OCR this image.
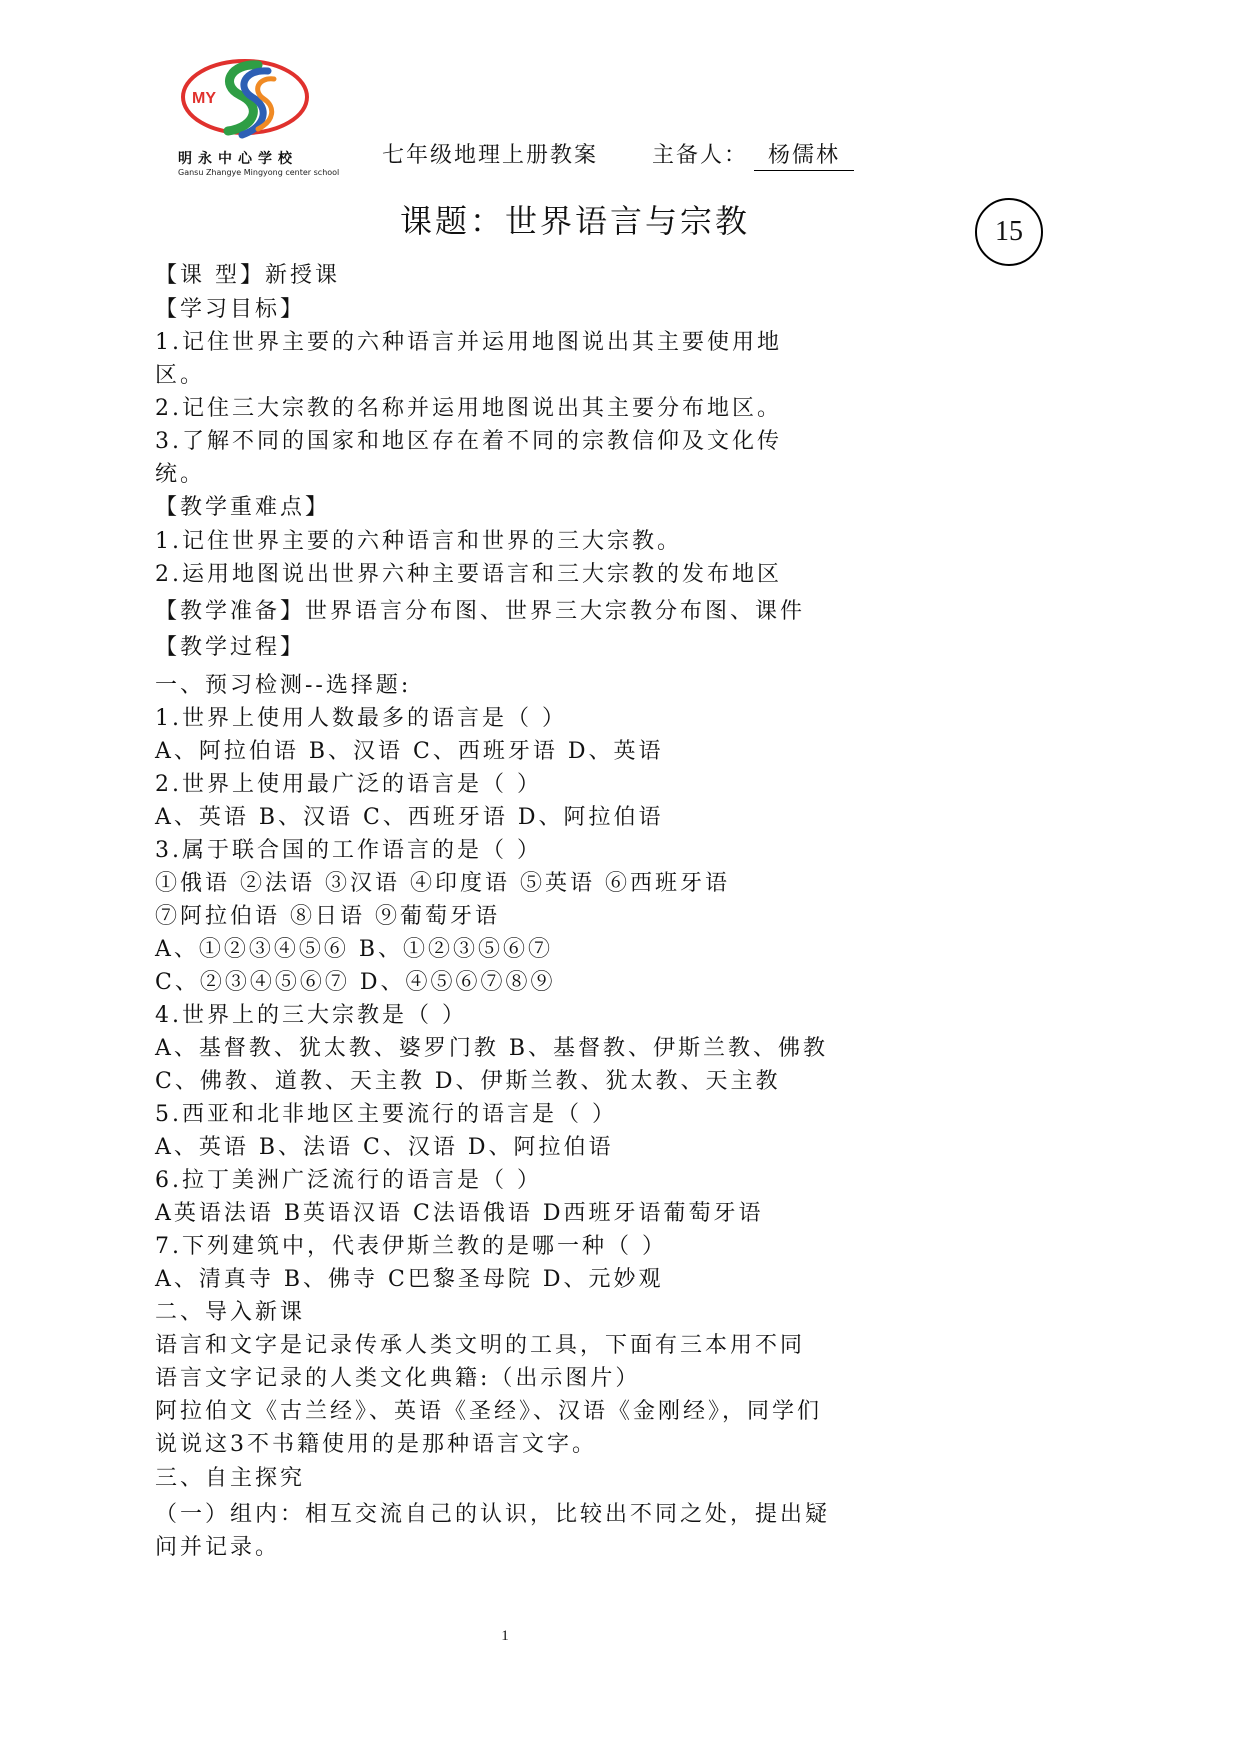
MY
明永中心学校
Gansu Zhangye Mingyong center school
七年级地理上册教案 主备人： 杨儒林
课题：世界语言与宗教	15
【课 型】新授课
【学习目标】
1.记住世界主要的六种语言并运用地图说出其主要使用地
区。
2.记住三大宗教的名称并运用地图说出其主要分布地区。
3.了解不同的国家和地区存在着不同的宗教信仰及文化传
统。
【教学重难点】
1.记住世界主要的六种语言和世界的三大宗教。
2.运用地图说出世界六种主要语言和三大宗教的发布地区
【教学准备】世界语言分布图、世界三大宗教分布图、课件
【教学过程】
一、预习检测--选择题:
1.世界上使用人数最多的语言是（ ）
A、阿拉伯语 B、汉语 C、西班牙语 D、英语
2.世界上使用最广泛的语言是（ ）
A、英语 B、汉语 C、西班牙语 D、阿拉伯语
3.属于联合国的工作语言的是（ ）
①俄语 ②法语 ③汉语 ④印度语 ⑤英语 ⑥西班牙语
⑦阿拉伯语 ⑧日语 ⑨葡萄牙语
A、①②③④⑤⑥ B、①②③⑤⑥⑦
C、②③④⑤⑥⑦ D、④⑤⑥⑦⑧⑨
4.世界上的三大宗教是（ ）
A、基督教、犹太教、婆罗门教 B、基督教、伊斯兰教、佛教
C、佛教、道教、天主教 D、伊斯兰教、犹太教、天主教
5.西亚和北非地区主要流行的语言是（ ）
A、英语 B、法语 C、汉语 D、阿拉伯语
6.拉丁美洲广泛流行的语言是（ ）
A英语法语 B英语汉语 C法语俄语 D西班牙语葡萄牙语
7.下列建筑中，代表伊斯兰教的是哪一种（ ）
A、清真寺 B、佛寺 C巴黎圣母院 D、元妙观
二、导入新课
语言和文字是记录传承人类文明的工具，下面有三本用不同
语言文字记录的人类文化典籍:（出示图片）
阿拉伯文《古兰经》、英语《圣经》、汉语《金刚经》，同学们
说说这3不书籍使用的是那种语言文字。
三、自主探究
（一）组内：相互交流自己的认识，比较出不同之处，提出疑
问并记录。
1
